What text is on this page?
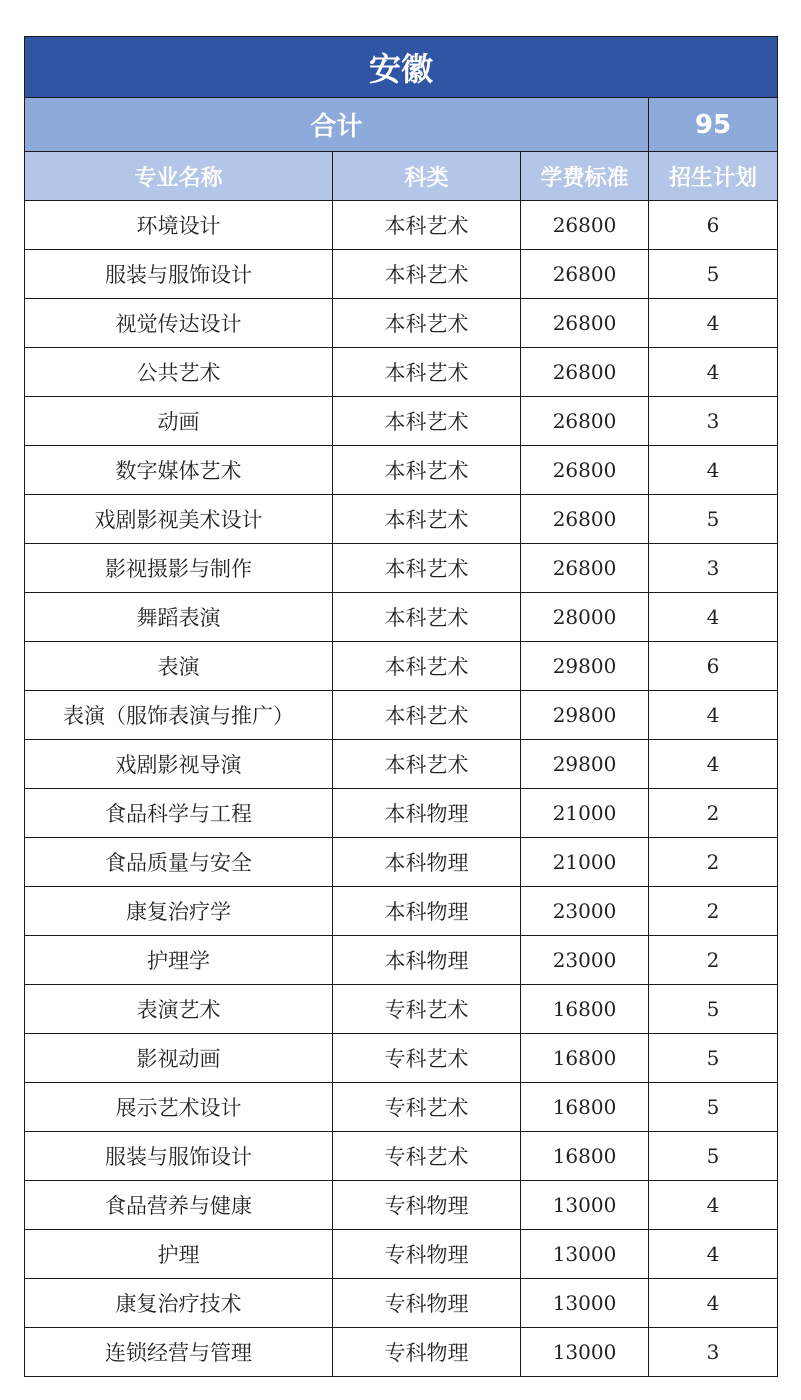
安徽			
合计			95
专业名称	科类	学费标准	招生计划
环境设计	本科艺术	26800	6
服装与服饰设计	本科艺术	26800	5
视觉传达设计	本科艺术	26800	4
公共艺术	本科艺术	26800	4
动画	本科艺术	26800	3
数字媒体艺术	本科艺术	26800	4
戏剧影视美术设计	本科艺术	26800	5
影视摄影与制作	本科艺术	26800	3
舞蹈表演	本科艺术	28000	4
表演	本科艺术	29800	6
表演（服饰表演与推广）	本科艺术	29800	4
戏剧影视导演	本科艺术	29800	4
食品科学与工程	本科物理	21000	2
食品质量与安全	本科物理	21000	2
康复治疗学	本科物理	23000	2
护理学	本科物理	23000	2
表演艺术	专科艺术	16800	5
影视动画	专科艺术	16800	5
展示艺术设计	专科艺术	16800	5
服装与服饰设计	专科艺术	16800	5
食品营养与健康	专科物理	13000	4
护理	专科物理	13000	4
康复治疗技术	专科物理	13000	4
连锁经营与管理	专科物理	13000	3
